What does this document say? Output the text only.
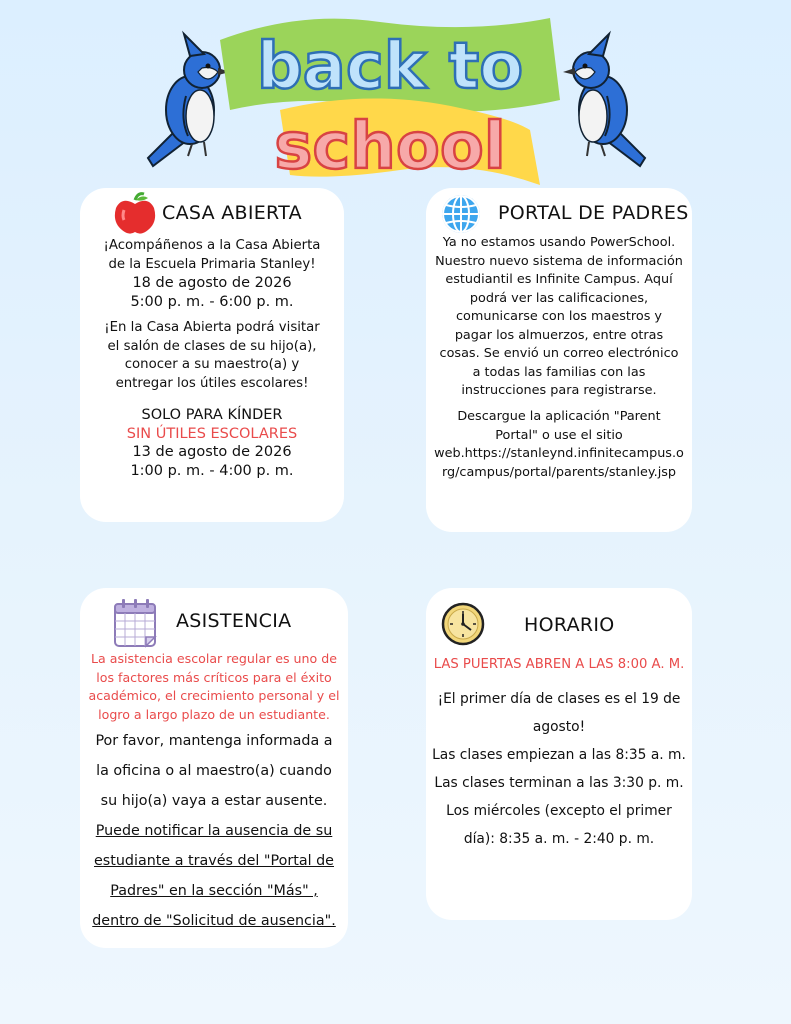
back to
school
CASA ABIERTA

¡Acompáñenos a la Casa Abierta

de la Escuela Primaria Stanley!

18 de agosto de 2026

5:00 p. m. - 6:00 p. m.

¡En la Casa Abierta podrá visitar

el salón de clases de su hijo(a),

conocer a su maestro(a) y

entregar los útiles escolares!

SOLO PARA KÍNDER

SIN ÚTILES ESCOLARES

13 de agosto de 2026

1:00 p. m. - 4:00 p. m.

PORTAL DE PADRES

Ya no estamos usando PowerSchool.

Nuestro nuevo sistema de información

estudiantil es Infinite Campus. Aquí

podrá ver las calificaciones,

comunicarse con los maestros y

pagar los almuerzos, entre otras

cosas. Se envió un correo electrónico

a todas las familias con las

instrucciones para registrarse.

Descargue la aplicación "Parent

Portal" o use el sitio

web.https://stanleynd.infinitecampus.o

rg/campus/portal/parents/stanley.jsp

ASISTENCIA

La asistencia escolar regular es uno de

los factores más críticos para el éxito

académico, el crecimiento personal y el

logro a largo plazo de un estudiante.

Por favor, mantenga informada a

la oficina o al maestro(a) cuando

su hijo(a) vaya a estar ausente.

Puede notificar la ausencia de su

estudiante a través del "Portal de

Padres" en la sección "Más" ,

dentro de "Solicitud de ausencia".

HORARIO

LAS PUERTAS ABREN A LAS 8:00 A. M.

¡El primer día de clases es el 19 de

agosto!

Las clases empiezan a las 8:35 a. m.

Las clases terminan a las 3:30 p. m.

Los miércoles (excepto el primer

día): 8:35 a. m. - 2:40 p. m.
